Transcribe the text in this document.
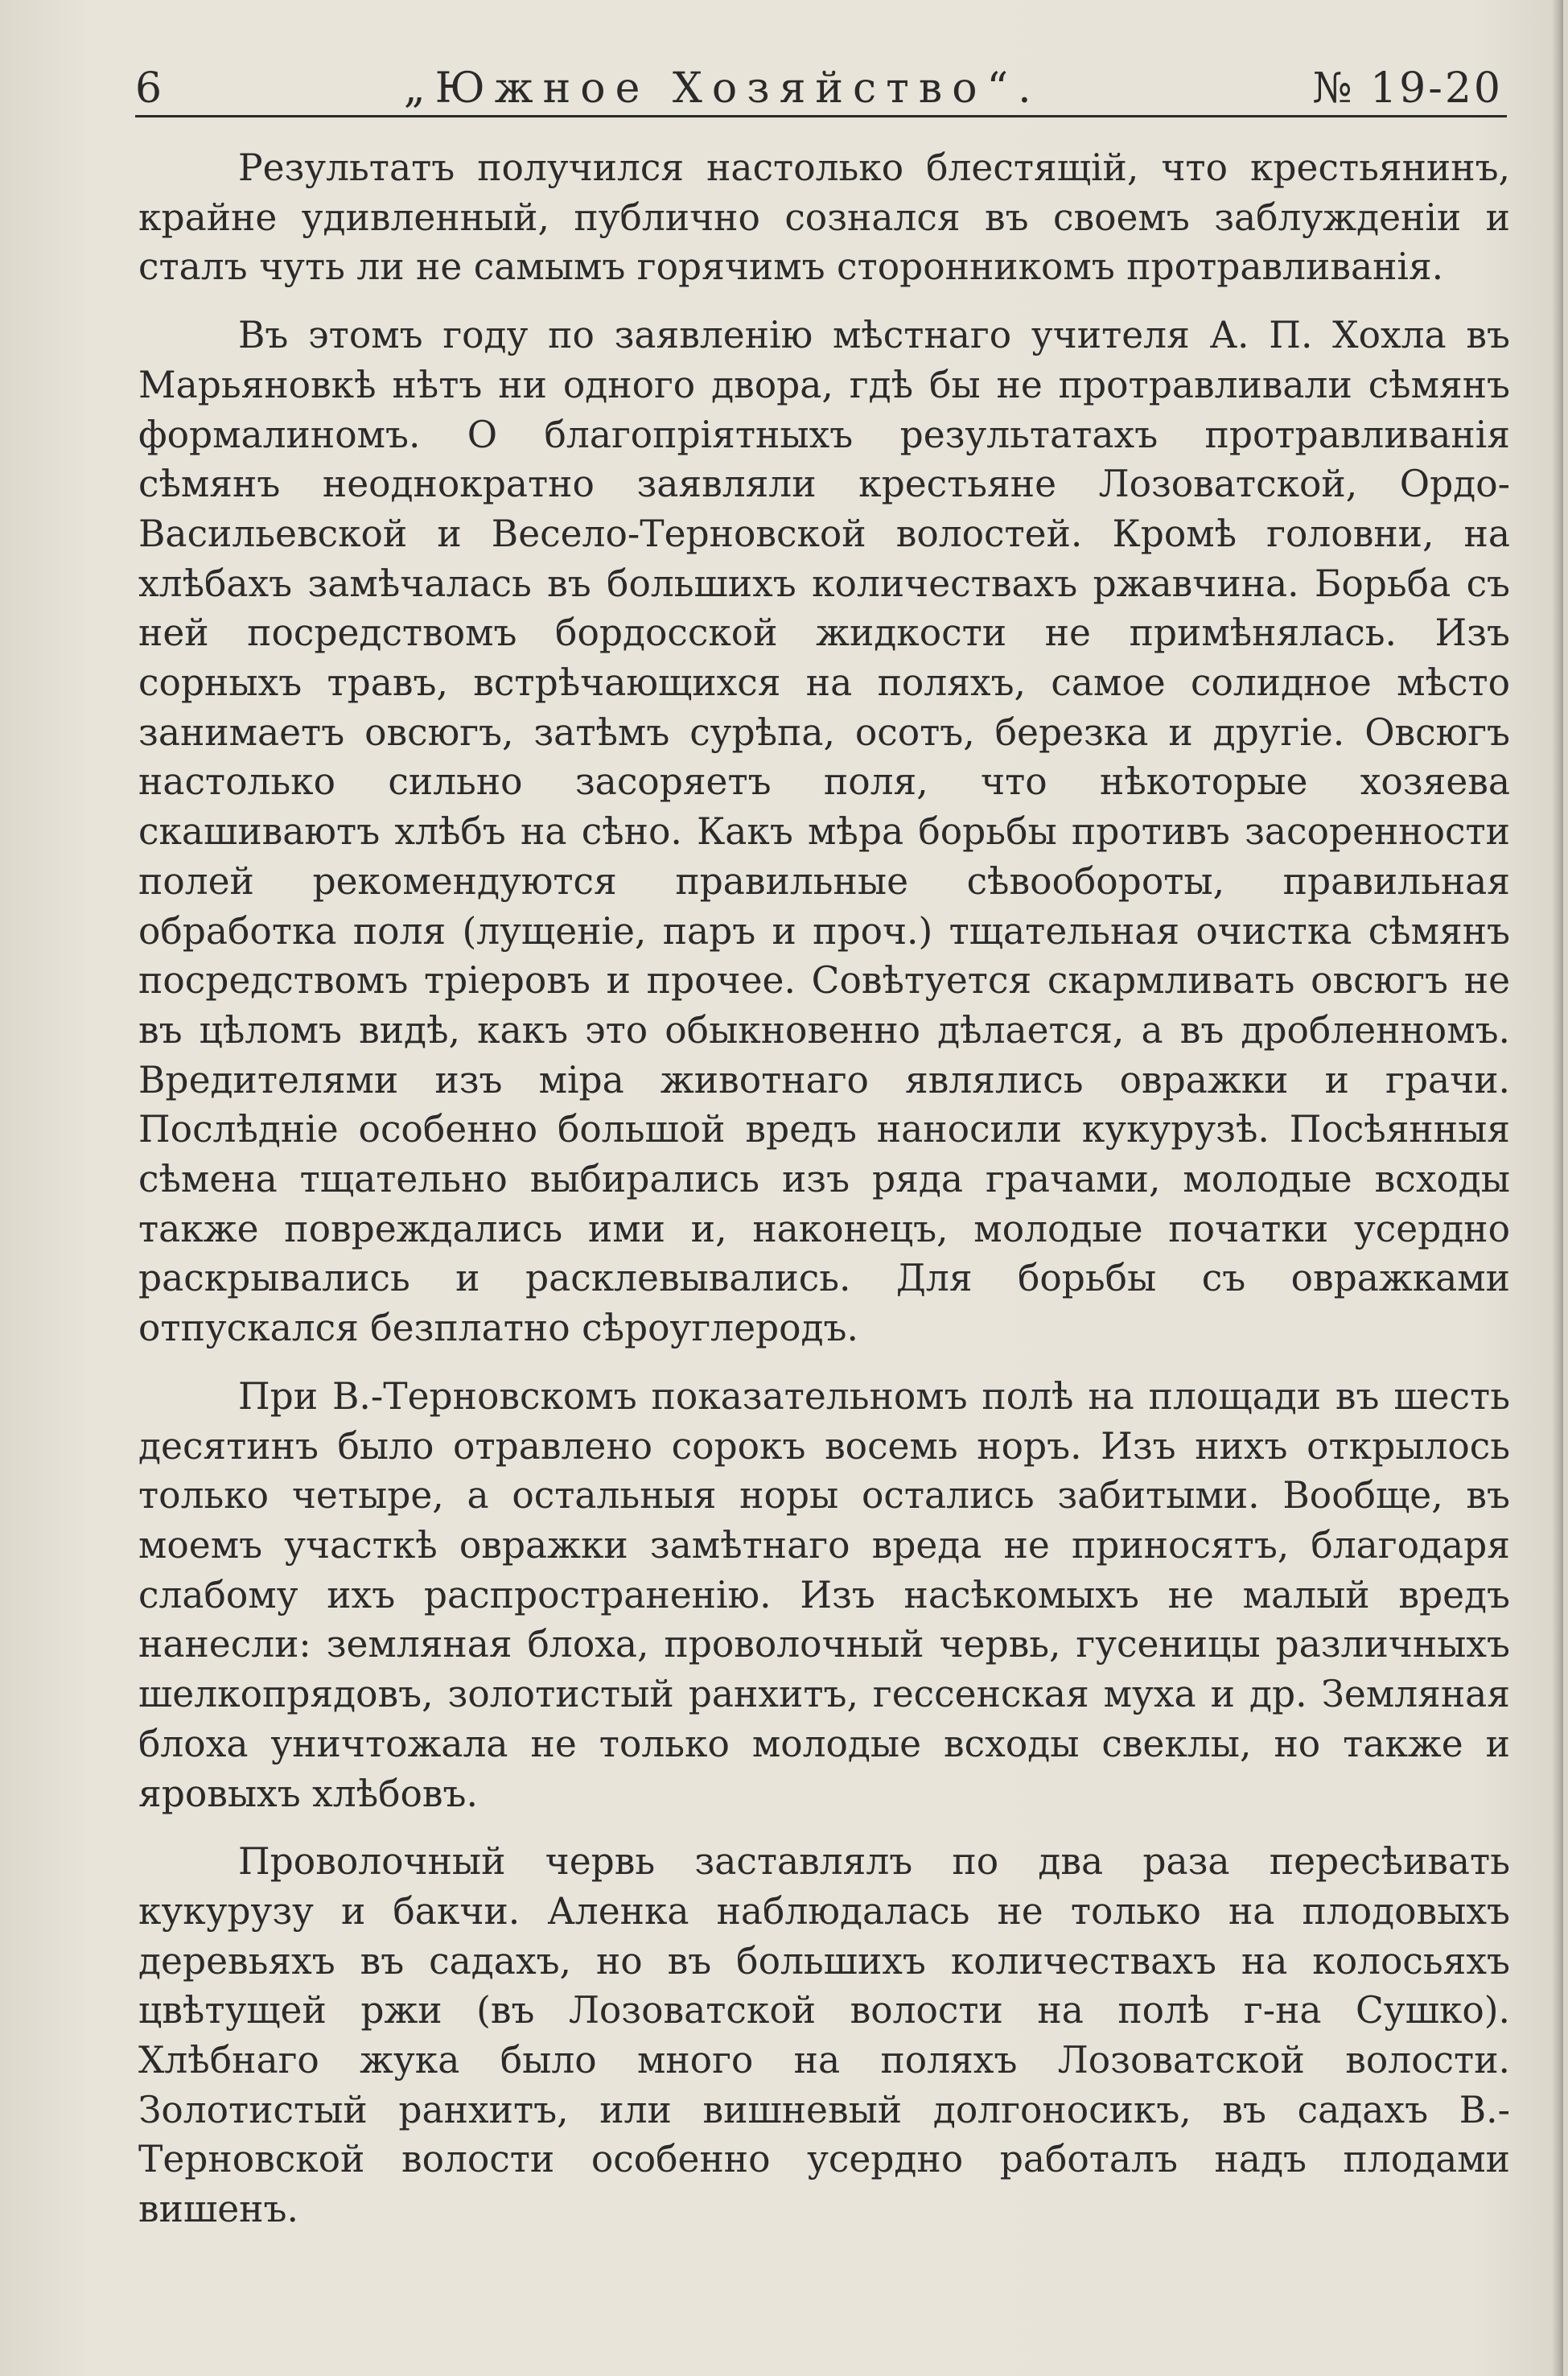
6	„Южное Хозяйство“.	№ 19-20

Результатъ получился настолько блестящій, что крестьянинъ, крайне удивленный, публично сознался въ своемъ заблужденіи и сталъ чуть ли не самымъ горячимъ сторонникомъ протравливанія.

Въ этомъ году по заявленію мѣстнаго учителя А. П. Хохла въ Марьяновкѣ нѣтъ ни одного двора, гдѣ бы не протравливали сѣмянъ формалиномъ. О благопріятныхъ результатахъ протравливанія сѣмянъ неоднократно заявляли крестьяне Лозоватской, Ордо-Васильевской и Весело-Терновской волостей. Кромѣ головни, на хлѣбахъ замѣчалась въ большихъ количествахъ ржавчина. Борьба съ ней посредствомъ бордосской жидкости не примѣнялась. Изъ сорныхъ травъ, встрѣчающихся на поляхъ, самое солидное мѣсто занимаетъ овсюгъ, затѣмъ сурѣпа, осотъ, березка и другіе. Овсюгъ настолько сильно засоряетъ поля, что нѣкоторые хозяева скашиваютъ хлѣбъ на сѣно. Какъ мѣра борьбы противъ засоренности полей рекомендуются правильные сѣвообороты, правильная обработка поля (лущеніе, паръ и проч.) тщательная очистка сѣмянъ посредствомъ тріеровъ и прочее. Совѣтуется скармливать овсюгъ не въ цѣломъ видѣ, какъ это обыкновенно дѣлается, а въ дробленномъ. Вредителями изъ міра животнаго являлись овражки и грачи. Послѣдніе особенно большой вредъ наносили кукурузѣ. Посѣянныя сѣмена тщательно выбирались изъ ряда грачами, молодые всходы также повреждались ими и, наконецъ, молодые початки усердно раскрывались и расклевывались. Для борьбы съ овражками отпускался безплатно сѣроуглеродъ.

При В.-Терновскомъ показательномъ полѣ на площади въ шесть десятинъ было отравлено сорокъ восемь норъ. Изъ нихъ открылось только четыре, а остальныя норы остались забитыми. Вообще, въ моемъ участкѣ овражки замѣтнаго вреда не приносятъ, благодаря слабому ихъ распространенію. Изъ насѣкомыхъ не малый вредъ нанесли: земляная блоха, проволочный червь, гусеницы различныхъ шелкопрядовъ, золотистый ранхитъ, гессенская муха и др. Земляная блоха уничтожала не только молодые всходы свеклы, но также и яровыхъ хлѣбовъ.

Проволочный червь заставлялъ по два раза пересѣивать кукурузу и бакчи. Аленка наблюдалась не только на плодовыхъ деревьяхъ въ садахъ, но въ большихъ количествахъ на колосьяхъ цвѣтущей ржи (въ Лозоватской волости на полѣ г-на Сушко). Хлѣбнаго жука было много на поляхъ Лозоватской волости. Золотистый ранхитъ, или вишневый долгоносикъ, въ садахъ В.-Терновской волости особенно усердно работалъ надъ плодами вишенъ.
